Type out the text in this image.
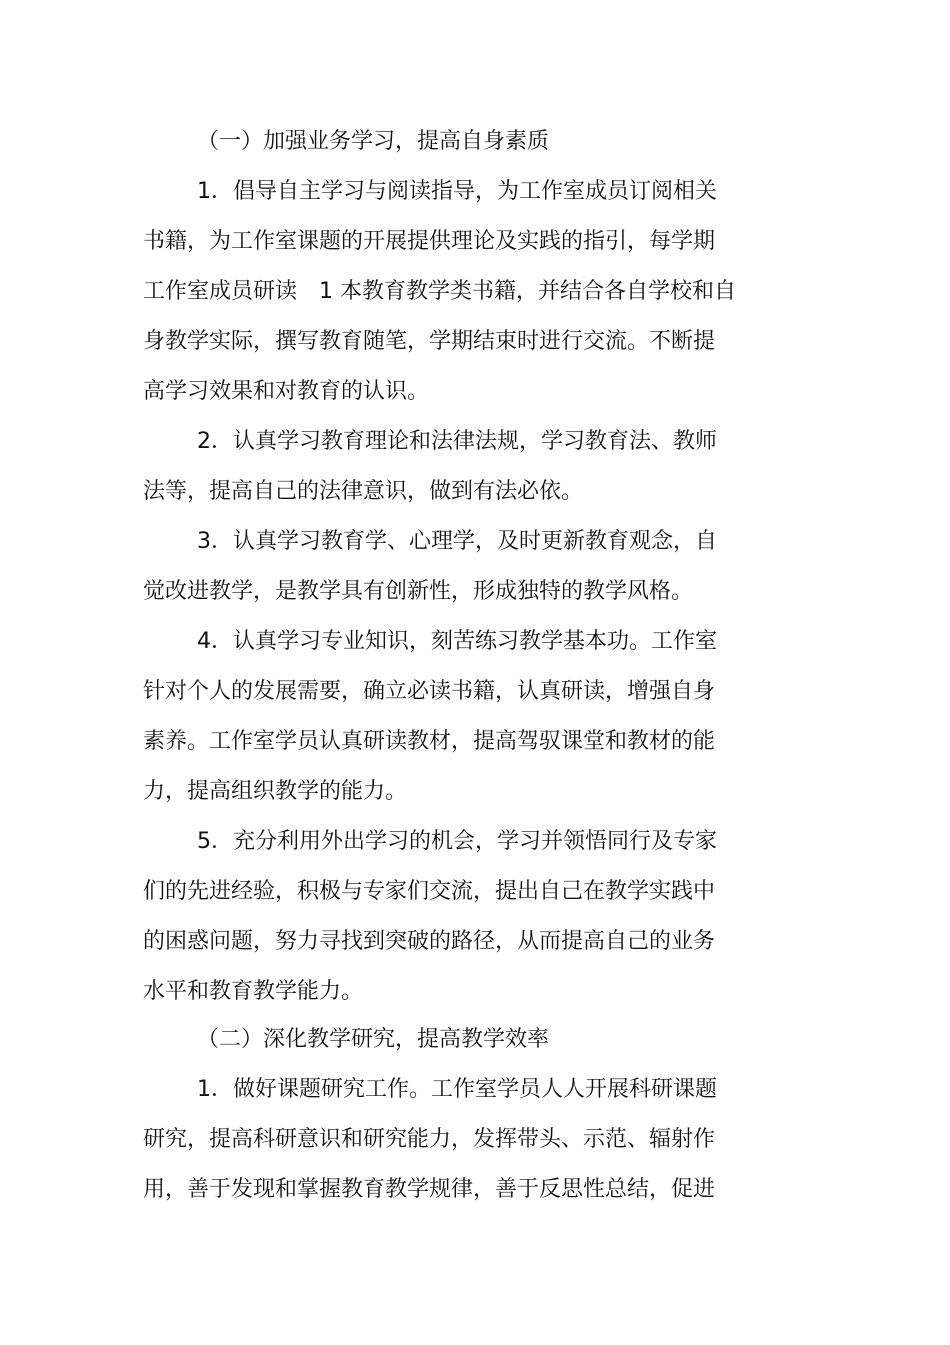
（一）加强业务学习，提高自身素质
1．倡导自主学习与阅读指导，为工作室成员订阅相关
书籍，为工作室课题的开展提供理论及实践的指引，每学期
工作室成员研读　1 本教育教学类书籍，并结合各自学校和自
身教学实际，撰写教育随笔，学期结束时进行交流。不断提
高学习效果和对教育的认识。
2．认真学习教育理论和法律法规，学习教育法、教师
法等，提高自己的法律意识，做到有法必依。
3．认真学习教育学、心理学，及时更新教育观念，自
觉改进教学，是教学具有创新性，形成独特的教学风格。
4．认真学习专业知识，刻苦练习教学基本功。工作室
针对个人的发展需要，确立必读书籍，认真研读，增强自身
素养。工作室学员认真研读教材，提高驾驭课堂和教材的能
力，提高组织教学的能力。
5．充分利用外出学习的机会，学习并领悟同行及专家
们的先进经验，积极与专家们交流，提出自己在教学实践中
的困惑问题，努力寻找到突破的路径，从而提高自己的业务
水平和教育教学能力。
（二）深化教学研究，提高教学效率
1．做好课题研究工作。工作室学员人人开展科研课题
研究，提高科研意识和研究能力，发挥带头、示范、辐射作
用，善于发现和掌握教育教学规律，善于反思性总结，促进
